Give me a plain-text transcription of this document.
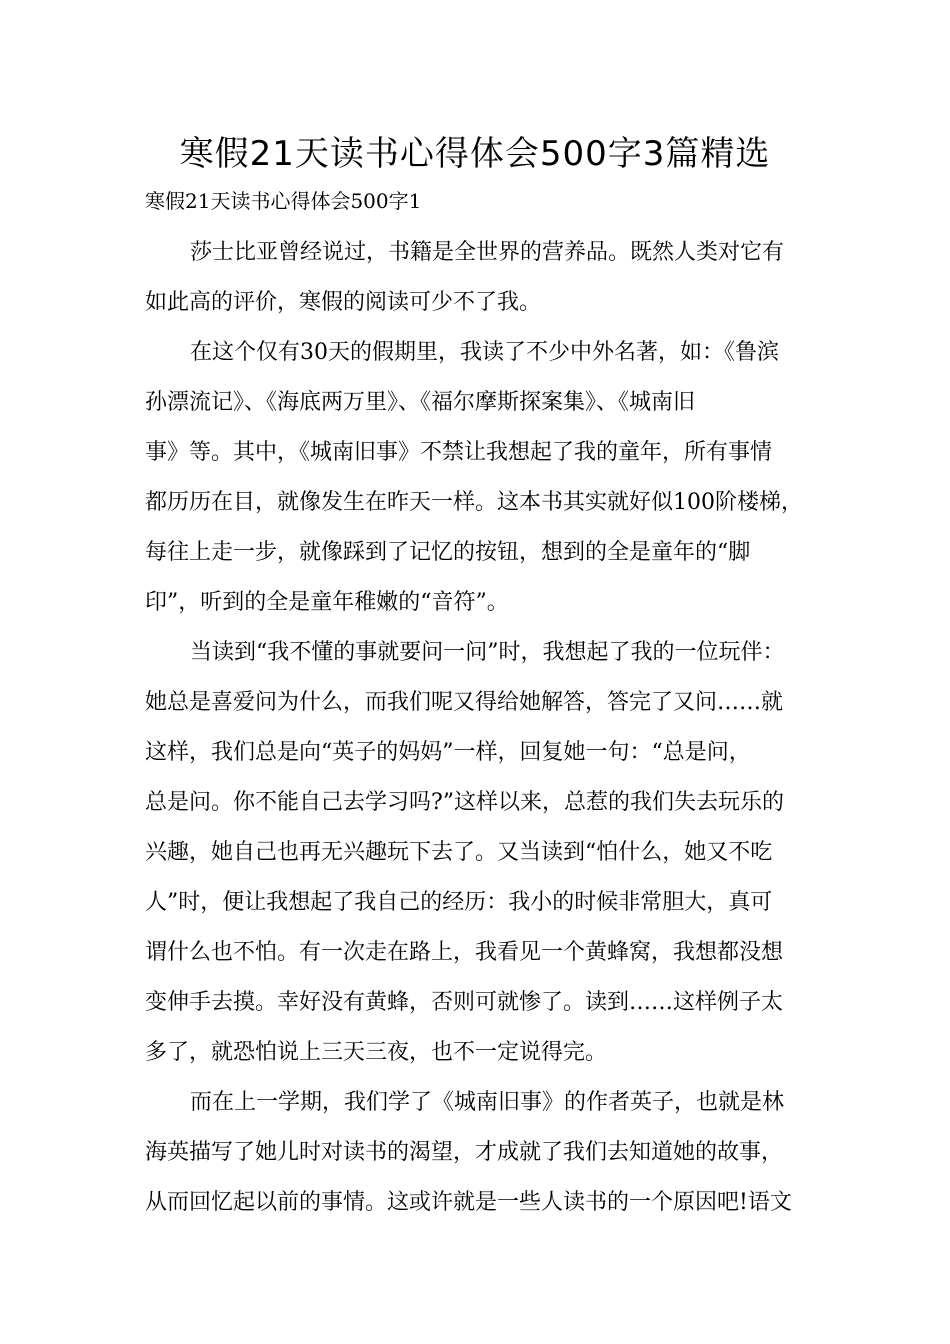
寒假21天读书心得体会500字3篇精选

寒假21天读书心得体会500字1

莎士比亚曾经说过，书籍是全世界的营养品。既然人类对它有
如此高的评价，寒假的阅读可少不了我。
在这个仅有30天的假期里，我读了不少中外名著，如：《鲁滨
孙漂流记》、《海底两万里》、《福尔摩斯探案集》、《城南旧
事》等。其中，《城南旧事》不禁让我想起了我的童年，所有事情
都历历在目，就像发生在昨天一样。这本书其实就好似100阶楼梯，
每往上走一步，就像踩到了记忆的按钮，想到的全是童年的“脚
印”，听到的全是童年稚嫩的“音符”。
当读到“我不懂的事就要问一问”时，我想起了我的一位玩伴：
她总是喜爱问为什么，而我们呢又得给她解答，答完了又问……就
这样，我们总是向“英子的妈妈”一样，回复她一句：“总是问，
总是问。你不能自己去学习吗?”这样以来，总惹的我们失去玩乐的
兴趣，她自己也再无兴趣玩下去了。又当读到“怕什么，她又不吃
人”时，便让我想起了我自己的经历：我小的时候非常胆大，真可
谓什么也不怕。有一次走在路上，我看见一个黄蜂窝，我想都没想
变伸手去摸。幸好没有黄蜂，否则可就惨了。读到……这样例子太
多了，就恐怕说上三天三夜，也不一定说得完。
而在上一学期，我们学了《城南旧事》的作者英子，也就是林
海英描写了她儿时对读书的渴望，才成就了我们去知道她的故事，
从而回忆起以前的事情。这或许就是一些人读书的一个原因吧!语文
